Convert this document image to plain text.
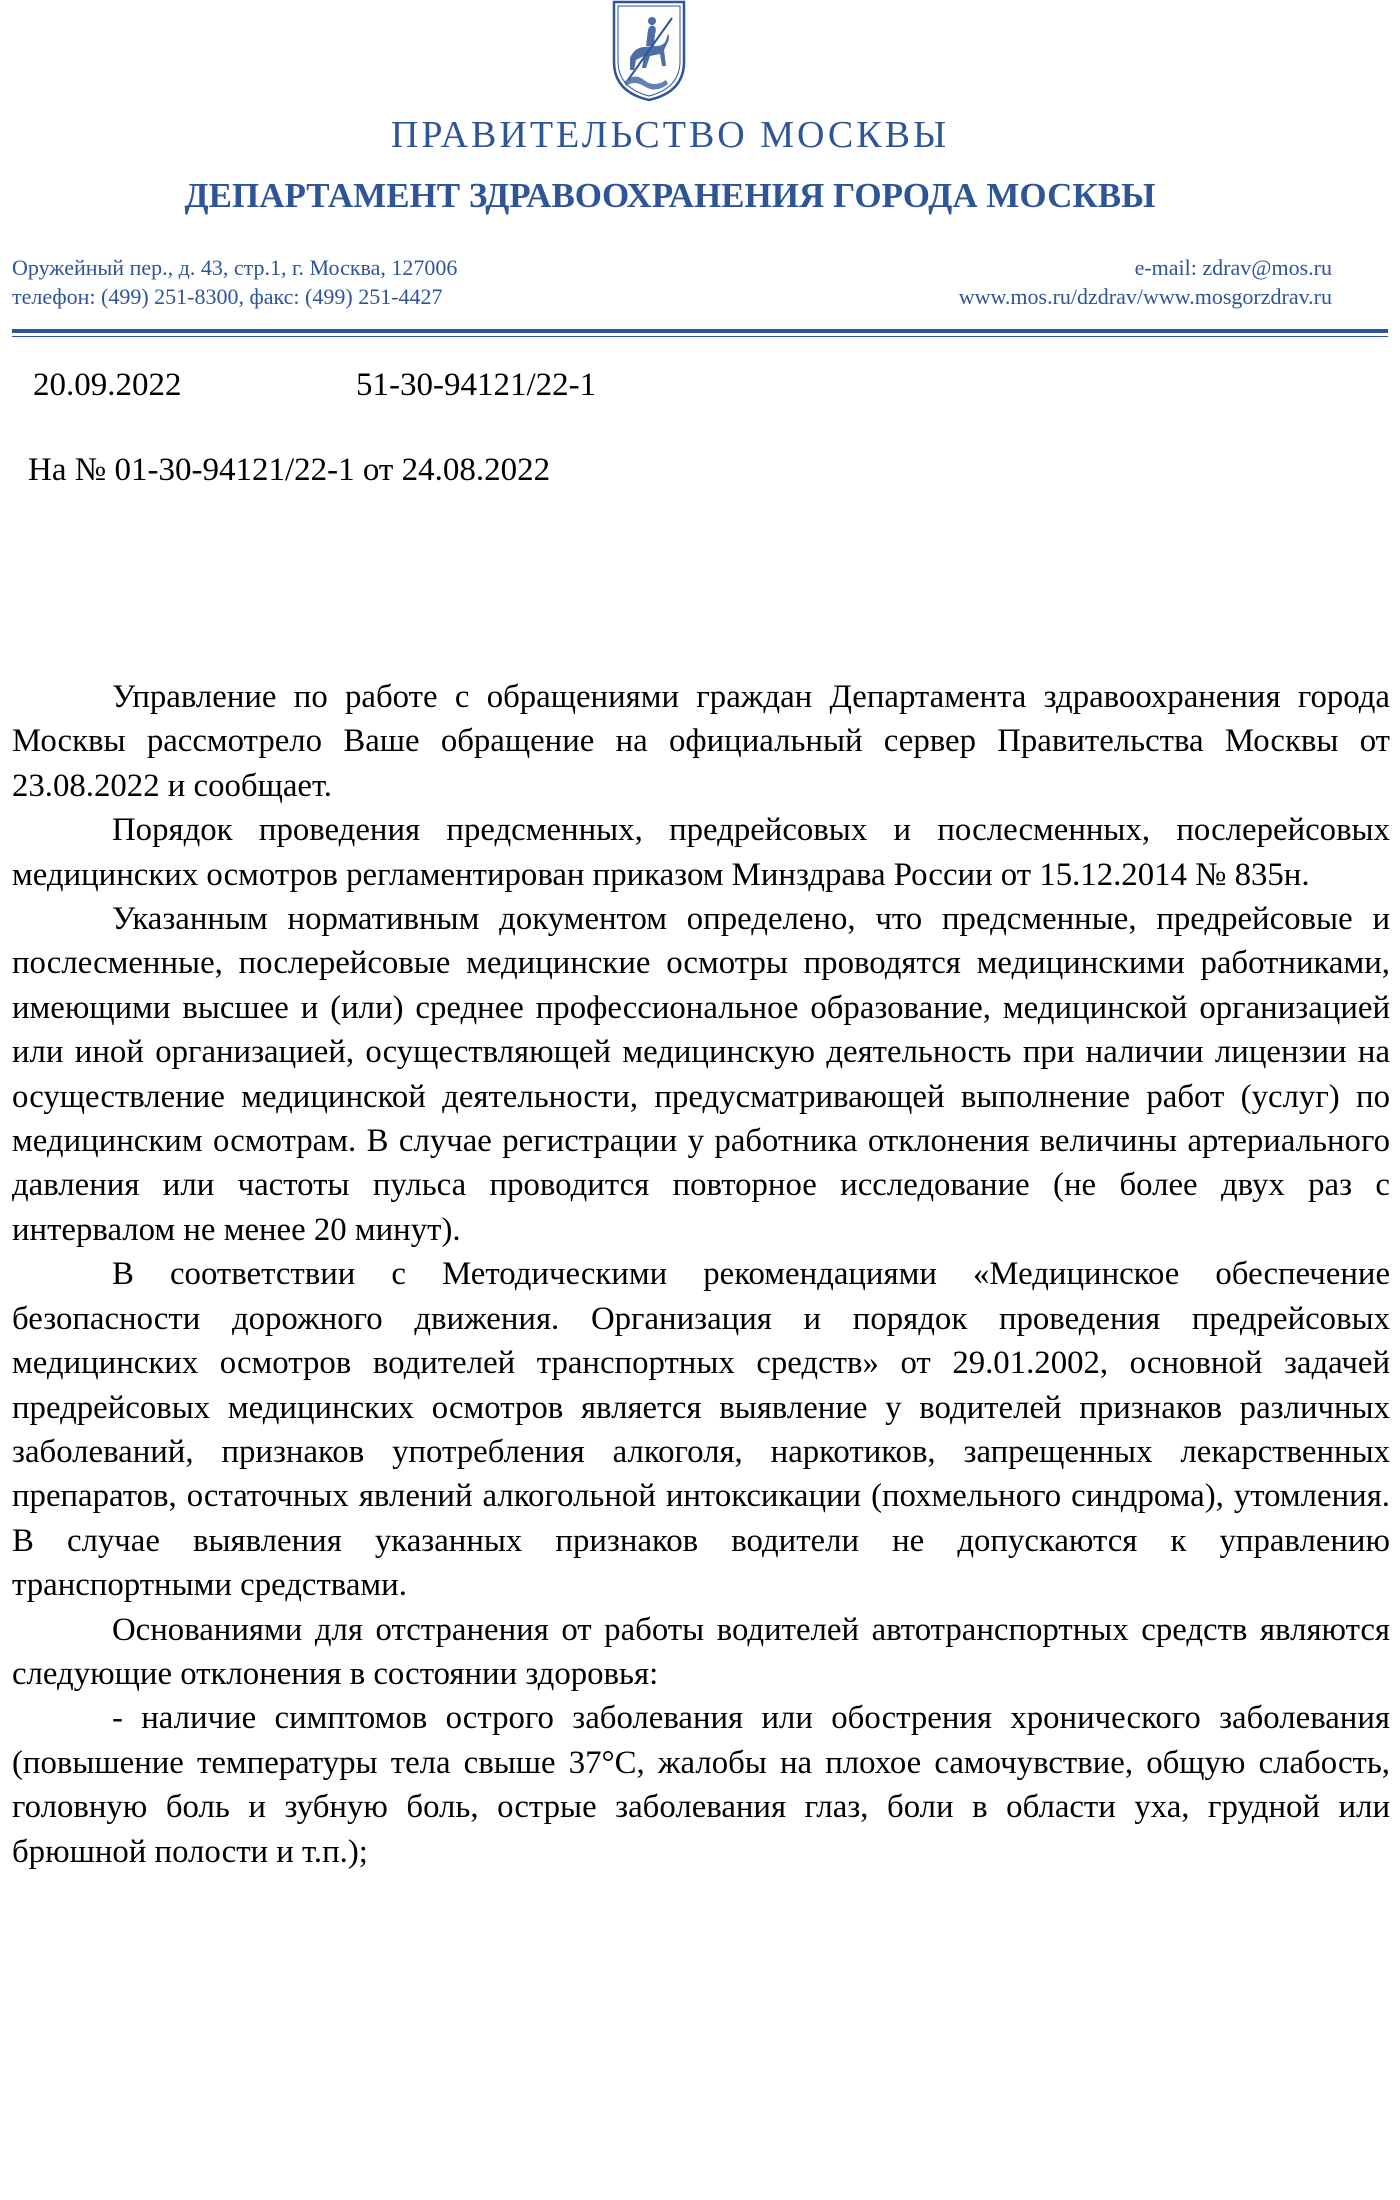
ПРАВИТЕЛЬСТВО МОСКВЫ
ДЕПАРТАМЕНТ ЗДРАВООХРАНЕНИЯ ГОРОДА МОСКВЫ
Оружейный пер., д. 43, стр.1, г. Москва, 127006
телефон: (499) 251-8300, факс: (499) 251-4427
e-mail: zdrav@mos.ru
www.mos.ru/dzdrav/www.mosgorzdrav.ru
20.09.2022	51-30-94121/22-1
На № 01-30-94121/22-1 от 24.08.2022

Управление по работе с обращениями граждан Департамента здравоохранения города Москвы рассмотрело Ваше обращение на официальный сервер Правительства Москвы от 23.08.2022 и сообщает.

Порядок проведения предсменных, предрейсовых и послесменных, послерейсовых медицинских осмотров регламентирован приказом Минздрава России от 15.12.2014 № 835н.

Указанным нормативным документом определено, что предсменные, предрейсовые и послесменные, послерейсовые медицинские осмотры проводятся медицинскими работниками, имеющими высшее и (или) среднее профессиональное образование, медицинской организацией или иной организацией, осуществляющей медицинскую деятельность при наличии лицензии на осуществление медицинской деятельности, предусматривающей выполнение работ (услуг) по медицинским осмотрам. В случае регистрации у работника отклонения величины артериального давления или частоты пульса проводится повторное исследование (не более двух раз с интервалом не менее 20 минут).

В соответствии с Методическими рекомендациями «Медицинское обеспечение безопасности дорожного движения. Организация и порядок проведения предрейсовых медицинских осмотров водителей транспортных средств» от 29.01.2002, основной задачей предрейсовых медицинских осмотров является выявление у водителей признаков различных заболеваний, признаков употребления алкоголя, наркотиков, запрещенных лекарственных препаратов, остаточных явлений алкогольной интоксикации (похмельного синдрома), утомления. В случае выявления указанных признаков водители не допускаются к управлению транспортными средствами.

Основаниями для отстранения от работы водителей автотранспортных средств являются следующие отклонения в состоянии здоровья:

- наличие симптомов острого заболевания или обострения хронического заболевания (повышение температуры тела свыше 37°С, жалобы на плохое самочувствие, общую слабость, головную боль и зубную боль, острые заболевания глаз, боли в области уха, грудной или брюшной полости и т.п.);
